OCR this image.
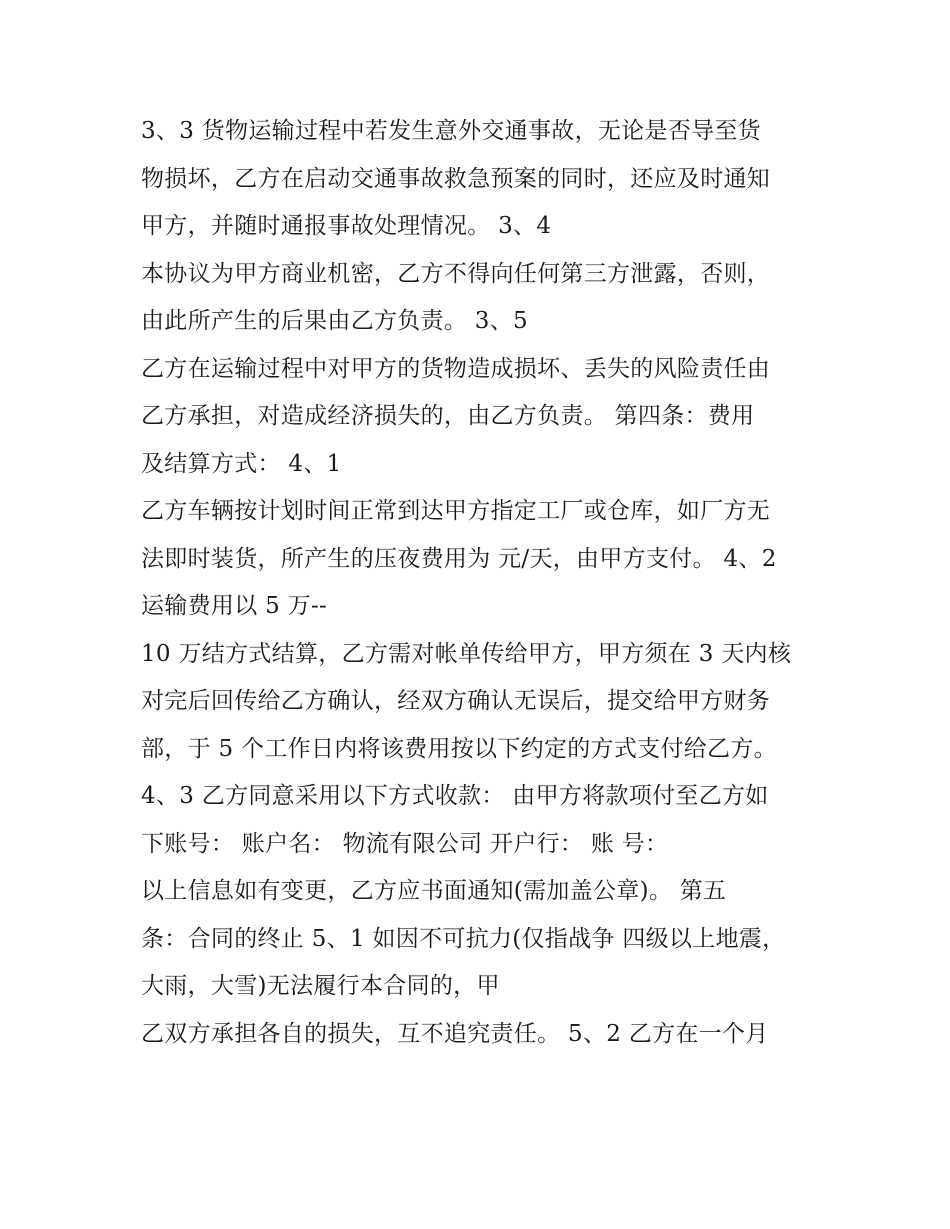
3、3 货物运输过程中若发生意外交通事故，无论是否导至货
物损坏，乙方在启动交通事故救急预案的同时，还应及时通知
甲方，并随时通报事故处理情况。 3、4
本协议为甲方商业机密，乙方不得向任何第三方泄露，否则，
由此所产生的后果由乙方负责。 3、5
乙方在运输过程中对甲方的货物造成损坏、丢失的风险责任由
乙方承担，对造成经济损失的，由乙方负责。 第四条：费用
及结算方式： 4、1
乙方车辆按计划时间正常到达甲方指定工厂或仓库，如厂方无
法即时装货，所产生的压夜费用为 元/天，由甲方支付。 4、2
运输费用以 5 万--
10 万结方式结算，乙方需对帐单传给甲方，甲方须在 3 天内核
对完后回传给乙方确认，经双方确认无误后，提交给甲方财务
部，于 5 个工作日内将该费用按以下约定的方式支付给乙方。
4、3 乙方同意采用以下方式收款： 由甲方将款项付至乙方如
下账号： 账户名： 物流有限公司 开户行： 账 号：
以上信息如有变更，乙方应书面通知(需加盖公章)。 第五
条：合同的终止 5、1 如因不可抗力(仅指战争 四级以上地震，
大雨，大雪)无法履行本合同的，甲
乙双方承担各自的损失，互不追究责任。 5、2 乙方在一个月
